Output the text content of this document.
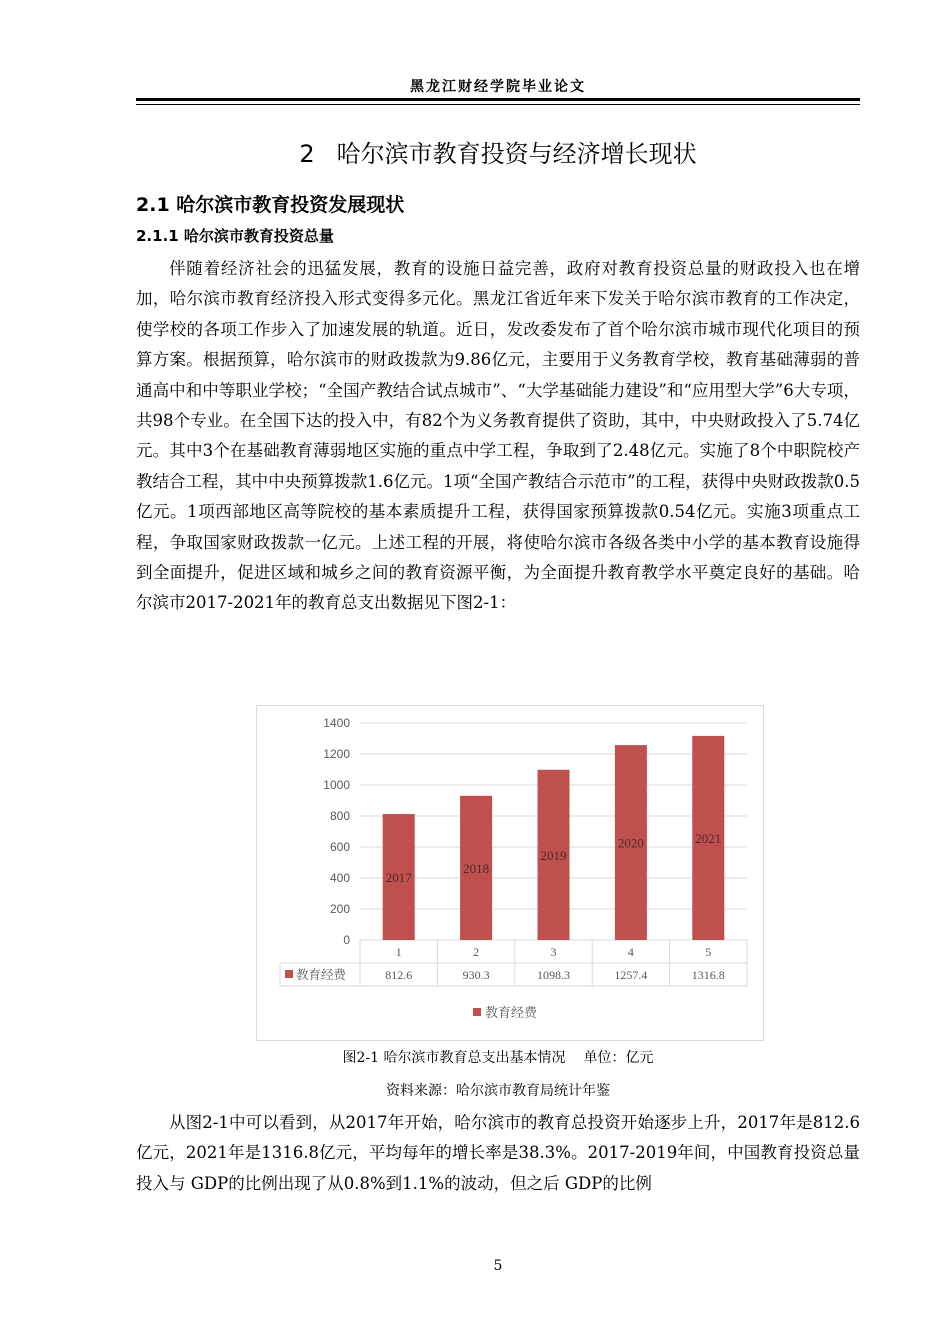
黑龙江财经学院毕业论文
2 哈尔滨市教育投资与经济增长现状
2.1 哈尔滨市教育投资发展现状
2.1.1 哈尔滨市教育投资总量

伴随着经济社会的迅猛发展，教育的设施日益完善，政府对教育投资总量的财政投入也在增加，哈尔滨市教育经济投入形式变得多元化。黑龙江省近年来下发关于哈尔滨市教育的工作决定，使学校的各项工作步入了加速发展的轨道。近日，发改委发布了首个哈尔滨市城市现代化项目的预算方案。根据预算，哈尔滨市的财政拨款为9.86亿元，主要用于义务教育学校，教育基础薄弱的普通高中和中等职业学校；“全国产教结合试点城市”、“大学基础能力建设”和“应用型大学”6大专项，共98个专业。在全国下达的投入中，有82个为义务教育提供了资助，其中，中央财政投入了5.74亿元。其中3个在基础教育薄弱地区实施的重点中学工程，争取到了2.48亿元。实施了8个中职院校产教结合工程，其中中央预算拨款1.6亿元。1项“全国产教结合示范市”的工程，获得中央财政拨款0.5亿元。1项西部地区高等院校的基本素质提升工程，获得国家预算拨款0.54亿元。实施3项重点工程，争取国家财政拨款一亿元。上述工程的开展，将使哈尔滨市各级各类中小学的基本教育设施得到全面提升，促进区域和城乡之间的教育资源平衡，为全面提升教育教学水平奠定良好的基础。哈尔滨市2017-2021年的教育总支出数据见下图2-1：

0
200
400
600
800
1000
1200
1400
2017
2018
2019
2020	2021
1
812.6
2
930.3
3
1098.3
4
1257.4
5
1316.8
教育经费
教育经费
图2-1 哈尔滨市教育总支出基本情况 单位：亿元
资料来源：哈尔滨市教育局统计年鉴

从图2-1中可以看到，从2017年开始，哈尔滨市的教育总投资开始逐步上升，2017年是812.6亿元，2021年是1316.8亿元，平均每年的增长率是38.3%。2017-2019年间，中国教育投资总量投入与 GDP的比例出现了从0.8%到1.1%的波动，但之后 GDP的比例

5
